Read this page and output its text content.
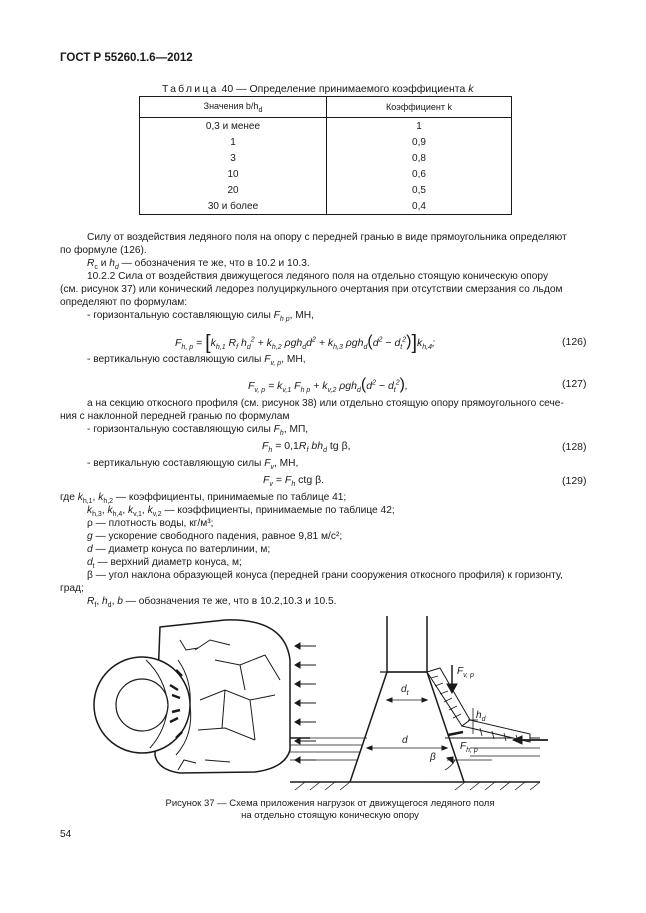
ГОСТ Р 55260.1.6—2012
Таблица 40 — Определение принимаемого коэффициента k
Значения $b/h_d$	Коэффициент k
0,3 и менее	1
1	0,9
3	0,8
10	0,6
20	0,5
30 и более	0,4
Силу от воздействия ледяного поля на опору с передней гранью в виде прямоугольника определяют
по формуле (126).
$R_c$ и $h_d$ — обозначения те же, что в 10.2 и 10.3.
10.2.2 Сила от воздействия движущегося ледяного поля на отдельно стоящую коническую опору
(см. рисунок 37) или конический ледорез полуциркульного очертания при отсутствии смерзания со льдом
определяют по формулам:
- горизонтальную составляющую силы $F_{h p}$, МН,
$F_{h, p} = [k_{h,1}$ $R_f$ $h_d^2 + k_{h,2}$ $\rho gh_dd^2 + k_{h,3}$ $\rho gh_d(d^2 - d_t^2)]k_{h,4}$;	(126)
- вертикальную составляющую силы $F_{v, p}$, МН,
$F_{v, p} = k_{v,1}$ $F_{h p} + k_{v,2}$ $\rho gh_d(d^2 - d_t^2)$,	(127)
а на секцию откосного профиля (см. рисунок 38) или отдельно стоящую опору прямоугольного сече-
ния с наклонной передней гранью по формулам
- горизонтальную составляющую силы $F_h$, МП,
$F_h = 0,1R_f$ $bh_d$ tg β,	(128)
- вертикальную составляющую силы $F_v$, МН,
$F_v = F_h$ ctg β.	(129)
где $k_{h,1}$, $k_{h,2}$ — коэффициенты, принимаемые по таблице 41;
$k_{h,3}$, $k_{h,4}$, $k_{v,1}$, $k_{v,2}$ — коэффициенты, принимаемые по таблице 42;
ρ — плотность воды, кг/м³;
g — ускорение свободного падения, равное 9,81 м/с²;
d — диаметр конуса по ватерлинии, м;
$d_t$ — верхний диаметр конуса, м;
β — угол наклона образующей конуса (передней грани сооружения откосного профиля) к горизонту,
град;
$R_f$, $h_d$, b — обозначения те же, что в 10.2,10.3 и 10.5.
$F_{v, p}$
$F_{h, p}$
$d_t$
d
$h_d$
β
Рисунок 37 — Схема приложения нагрузок от движущегося ледяного поля
на отдельно стоящую коническую опору
54
